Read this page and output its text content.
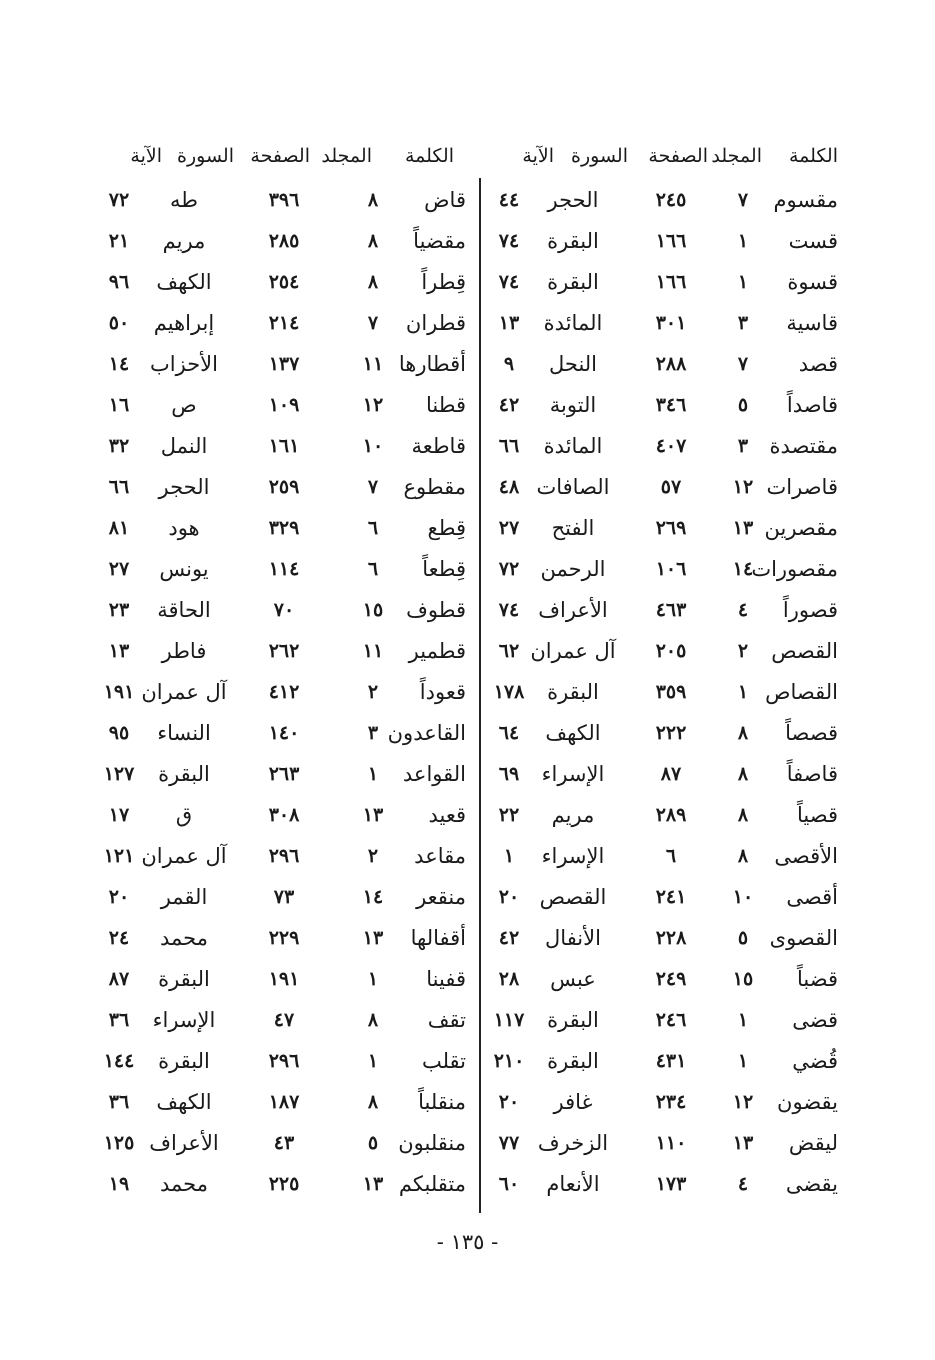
الكلمة
المجلد
الصفحة
السورة
الآية
مقسوم
٧
٢٤٥
الحجر
٤٤
قست
١
١٦٦
البقرة
٧٤
قسوة
١
١٦٦
البقرة
٧٤
قاسية
٣
٣٠١
المائدة
١٣
قصد
٧
٢٨٨
النحل
٩
قاصداً
٥
٣٤٦
التوبة
٤٢
مقتصدة
٣
٤٠٧
المائدة
٦٦
قاصرات
١٢
٥٧
الصافات
٤٨
مقصرين
١٣
٢٦٩
الفتح
٢٧
مقصورات
١٤
١٠٦
الرحمن
٧٢
قصوراً
٤
٤٦٣
الأعراف
٧٤
القصص
٢
٢٠٥
آل عمران
٦٢
القصاص
١
٣٥٩
البقرة
١٧٨
قصصاً
٨
٢٢٢
الكهف
٦٤
قاصفاً
٨
٨٧
الإسراء
٦٩
قصياً
٨
٢٨٩
مريم
٢٢
الأقصى
٨
٦
الإسراء
١
أقصى
١٠
٢٤١
القصص
٢٠
القصوى
٥
٢٢٨
الأنفال
٤٢
قضباً
١٥
٢٤٩
عبس
٢٨
قضى
١
٢٤٦
البقرة
١١٧
قُضي
١
٤٣١
البقرة
٢١٠
يقضون
١٢
٢٣٤
غافر
٢٠
ليقض
١٣
١١٠
الزخرف
٧٧
يقضى
٤
١٧٣
الأنعام
٦٠
الكلمة
المجلد
الصفحة
السورة
الآية
قاض
٨
٣٩٦
طه
٧٢
مقضياً
٨
٢٨٥
مريم
٢١
قِطراً
٨
٢٥٤
الكهف
٩٦
قطران
٧
٢١٤
إبراهيم
٥٠
أقطارها
١١
١٣٧
الأحزاب
١٤
قطنا
١٢
١٠٩
ص
١٦
قاطعة
١٠
١٦١
النمل
٣٢
مقطوع
٧
٢٥٩
الحجر
٦٦
قِطع
٦
٣٢٩
هود
٨١
قِطعاً
٦
١١٤
يونس
٢٧
قطوف
١٥
٧٠
الحاقة
٢٣
قطمير
١١
٢٦٢
فاطر
١٣
قعوداً
٢
٤١٢
آل عمران
١٩١
القاعدون
٣
١٤٠
النساء
٩٥
القواعد
١
٢٦٣
البقرة
١٢٧
قعيد
١٣
٣٠٨
ق
١٧
مقاعد
٢
٢٩٦
آل عمران
١٢١
منقعر
١٤
٧٣
القمر
٢٠
أقفالها
١٣
٢٢٩
محمد
٢٤
قفينا
١
١٩١
البقرة
٨٧
تقف
٨
٤٧
الإسراء
٣٦
تقلب
١
٢٩٦
البقرة
١٤٤
منقلباً
٨
١٨٧
الكهف
٣٦
منقلبون
٥
٤٣
الأعراف
١٢٥
متقلبكم
١٣
٢٢٥
محمد
١٩
- ١٣٥ -
